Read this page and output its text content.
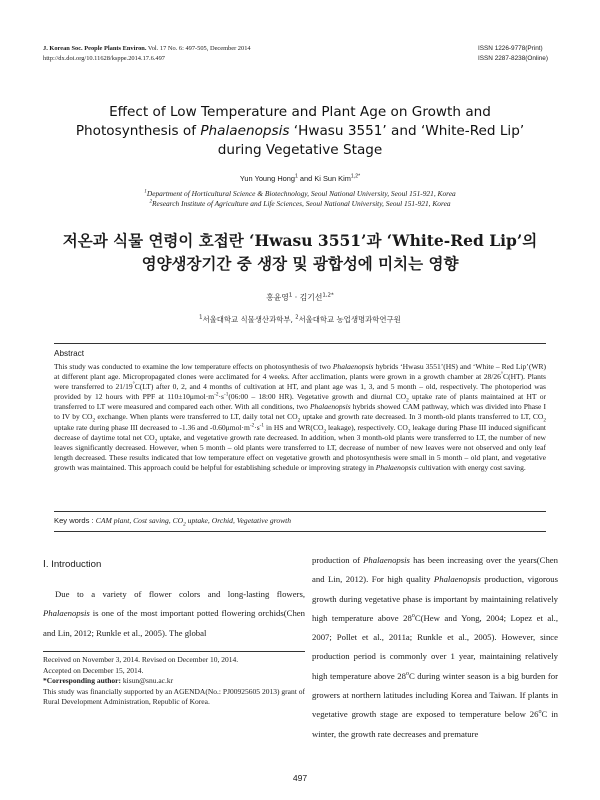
J. Korean Soc. People Plants Environ. Vol. 17 No. 6: 497-505, December 2014
http://dx.doi.org/10.11628/ksppe.2014.17.6.497
ISSN 1226-9778(Print)
ISSN 2287-8238(Online)
Effect of Low Temperature and Plant Age on Growth and
Photosynthesis of Phalaenopsis ‘Hwasu 3551’ and ‘White-Red Lip’
during Vegetative Stage
Yun Young Hong$^1$ and Ki Sun Kim$^{1,2*}$
$^1$Department of Horticultural Science & Biotechnology, Seoul National University, Seoul 151-921, Korea
$^2$Research Institute of Agriculture and Life Sciences, Seoul National University, Seoul 151-921, Korea
저온과 식물 연령이 호접란 ‘Hwasu 3551’과 ‘White-Red Lip’의
영양생장기간 중 생장 및 광합성에 미치는 영향
홍윤영$^1$ · 김기선$^{1,2*}$
$^1$서울대학교 식물생산과학부, $^2$서울대학교 농업생명과학연구원
Abstract
This study was conducted to examine the low temperature effects on photosynthesis of two Phalaenopsis hybrids ‘Hwasu 3551’(HS) and ‘White – Red Lip’(WR) at different plant age. Micropropagated clones were acclimated for 4 weeks. After acclimation, plants were grown in a growth chamber at 28/26°C(HT). Plants were transferred to 21/19°C(LT) after 0, 2, and 4 months of cultivation at HT, and plant age was 1, 3, and 5 month – old, respectively. The photoperiod was provided by 12 hours with PPF at $110\pm 10\mu mol\cdot m^{-2}\cdot s^{-1}(06:00$ – 18:00 HR). Vegetative growth and diurnal $CO_2$ uptake rate of plants maintained at HT or transferred to LT were measured and compared each other. With all conditions, two Phalaenopsis hybrids showed CAM pathway, which was divided into Phase I to IV by $CO_2$ exchange. When plants were transferred to LT, daily total net $CO_2$ uptake and growth rate decreased. In 3 month-old plants transferred to LT, $CO_2$ uptake rate during phase III decreased to -1.36 and $-0.60\mu mol\cdot m^{-2}\cdot s^{-1}$ in HS and $WR(CO_2$ leakage), respectively. $CO_2$ leakage during Phase III induced significant decrease of daytime total net $CO_2$ uptake, and vegetative growth rate decreased. In addition, when 3 month-old plants were transferred to LT, the number of new leaves significantly decreased. However, when 5 month – old plants were transferred to LT, decrease of number of new leaves were not observed and only leaf length decreased. These results indicated that low temperature effect on vegetative growth and photosynthesis were small in 5 month – old plant, and vegetative growth was maintained. This approach could be helpful for establishing schedule or improving strategy in Phalaenopsis cultivation with energy cost saving.
Key words : CAM plant, Cost saving, $CO_2$ uptake, Orchid, Vegetative growth
Ⅰ. Introduction

Due to a variety of flower colors and long-lasting flowers, Phalaenopsis is one of the most important potted flowering orchids(Chen and Lin, 2012; Runkle et al., 2005). The global

Received on November 3, 2014. Revised on December 10, 2014.
Accepted on December 15, 2014.
*Corresponding author: kisun@snu.ac.kr
This study was financially supported by an AGENDA(No.: PJ00925605 2013) grant of Rural Development Administration, Republic of Korea.

production of Phalaenopsis has been increasing over the years(Chen and Lin, 2012). For high quality Phalaenopsis production, vigorous growth during vegetative phase is important by maintaining relatively high temperature above 28$^o$C(Hew and Yong, 2004; Lopez et al., 2007; Pollet et al., 2011a; Runkle et al., 2005). However, since production period is commonly over 1 year, maintaining relatively high temperature above 28$^o$C during winter season is a big burden for growers at northern latitudes including Korea and Taiwan. If plants in vegetative growth stage are exposed to temperature below 26$^o$C in winter, the growth rate decreases and premature

497
